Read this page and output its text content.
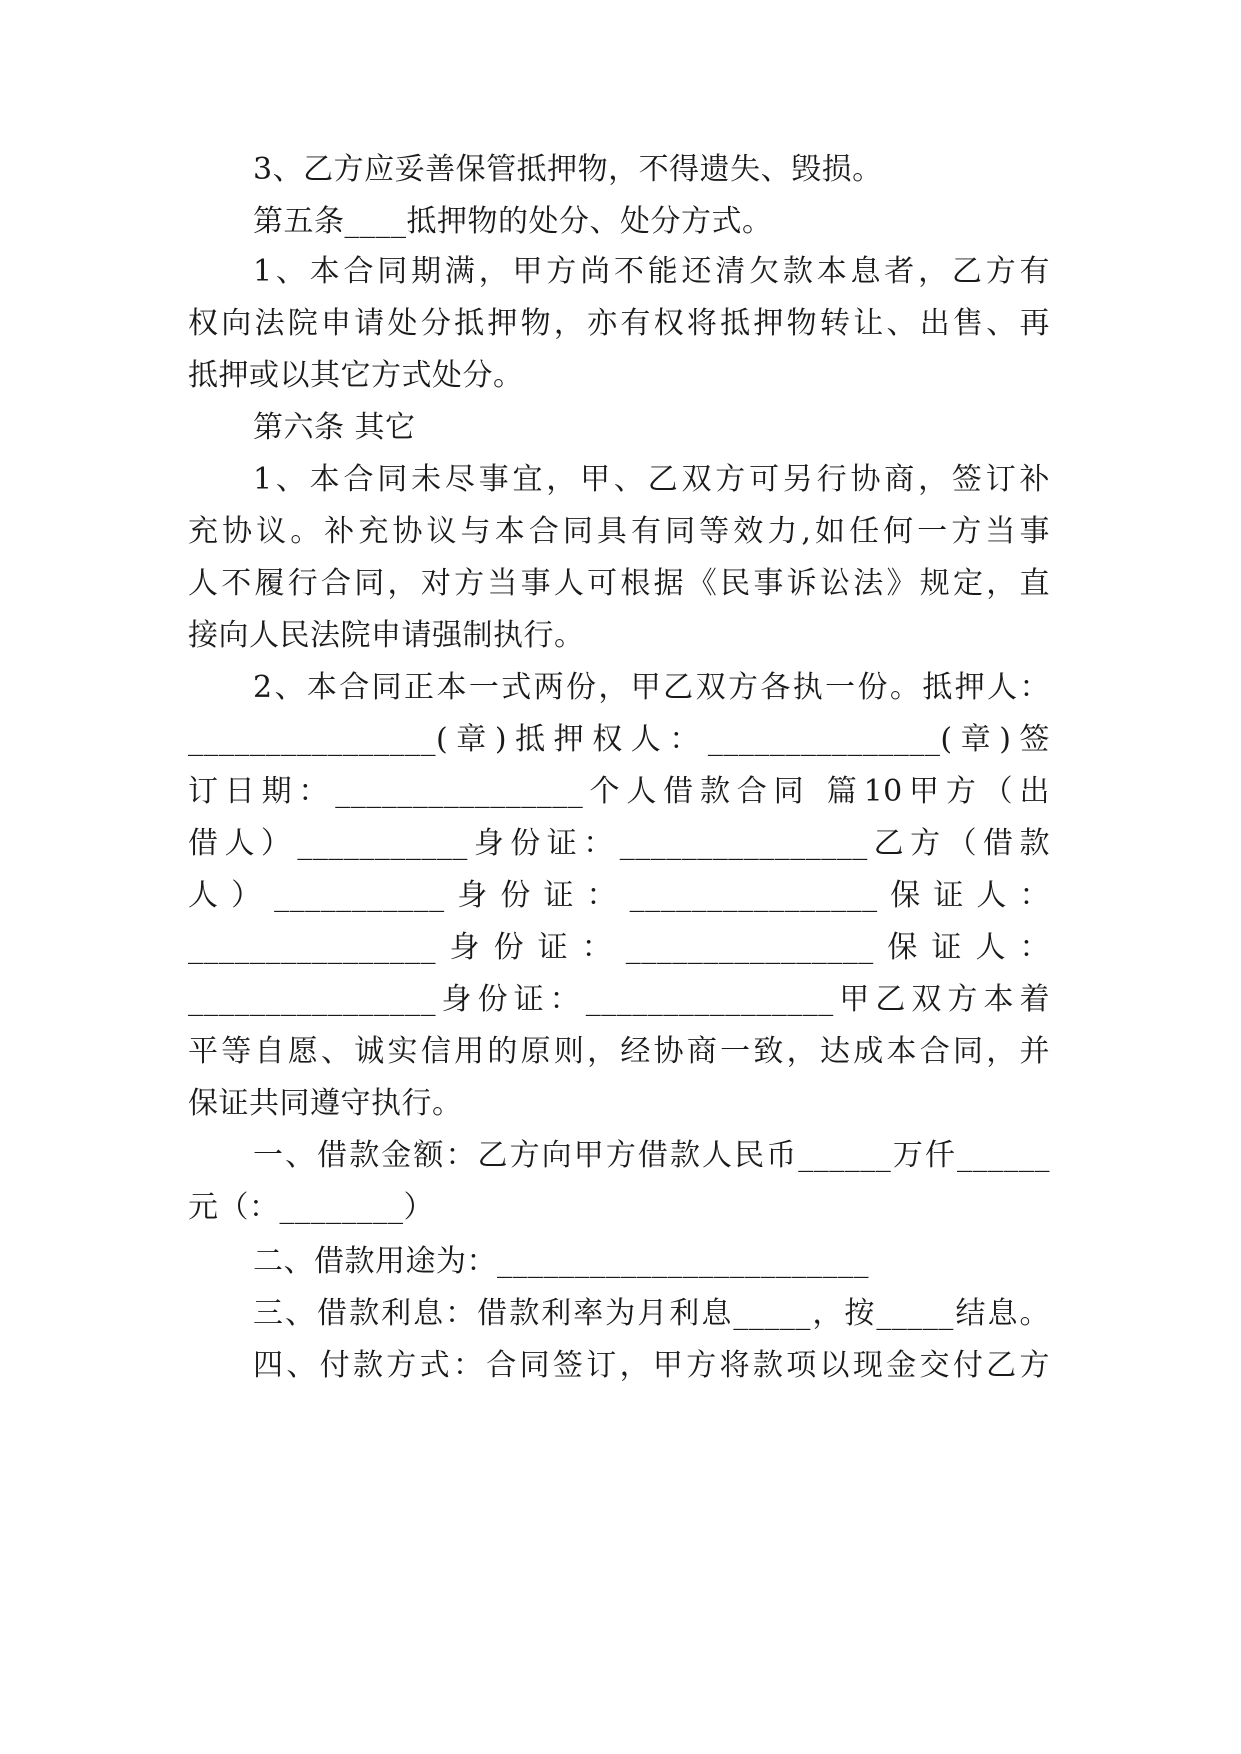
3、乙方应妥善保管抵押物，不得遗失、毁损。
第五条____抵押物的处分、处分方式。
1、本合同期满，甲方尚不能还清欠款本息者，乙方有
权向法院申请处分抵押物，亦有权将抵押物转让、出售、再
抵押或以其它方式处分。
第六条 其它
1、本合同未尽事宜，甲、乙双方可另行协商，签订补
充协议。补充协议与本合同具有同等效力,如任何一方当事
人不履行合同，对方当事人可根据《民事诉讼法》规定，直
接向人民法院申请强制执行。
2、本合同正本一式两份，甲乙双方各执一份。抵押人：
________________(章)抵押权人：_______________(章)签
订日期：________________个人借款合同 篇10甲方（出
借人）___________身份证：________________乙方（借款
人）___________身份证：________________保证人：
________________身份证：________________保证人：
________________身份证：________________甲乙双方本着
平等自愿、诚实信用的原则，经协商一致，达成本合同，并
保证共同遵守执行。
一、借款金额：乙方向甲方借款人民币______万仟______
元（：________）
二、借款用途为：________________________
三、借款利息：借款利率为月利息_____，按_____结息。
四、付款方式：合同签订，甲方将款项以现金交付乙方
